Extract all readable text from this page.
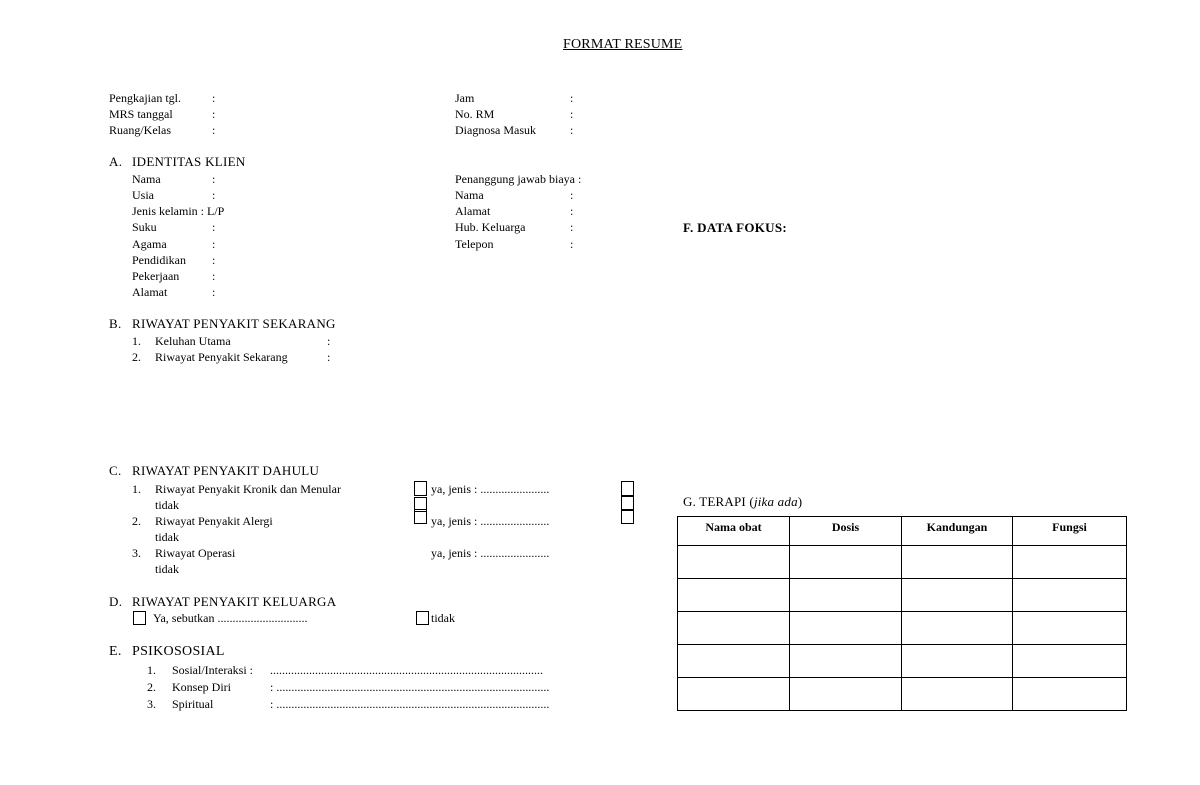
FORMAT RESUME
Pengkajian tgl.	:
MRS tanggal	:
Ruang/Kelas	:
Jam	:
No. RM	:
Diagnosa Masuk	:
A. IDENTITAS KLIEN
Nama	:
Usia	:
Jenis kelamin : L/P
Suku	:
Agama	:
Pendidikan :
Pekerjaan	:
Alamat	:
Penanggung jawab biaya :
Nama	:
Alamat	:
Hub. Keluarga	:
Telepon	:
F. DATA FOKUS:
B. RIWAYAT PENYAKIT SEKARANG
1. Keluhan Utama	:
2. Riwayat Penyakit Sekarang	:
C. RIWAYAT PENYAKIT DAHULU
1. Riwayat Penyakit Kronik dan Menular
tidak
ya, jenis : .......................
2. Riwayat Penyakit Alergi
tidak
ya, jenis : .......................
3. Riwayat Operasi
tidak
ya, jenis : .......................
D. RIWAYAT PENYAKIT KELUARGA
Ya, sebutkan ..............................	tidak
E. PSIKOSOSIAL
1. Sosial/Interaksi : ...........................................................................................
2. Konsep Diri	: ...........................................................................................
3. Spiritual	: ...........................................................................................
G. TERAPI (jika ada)
Nama obat	Dosis	Kandungan	Fungsi
